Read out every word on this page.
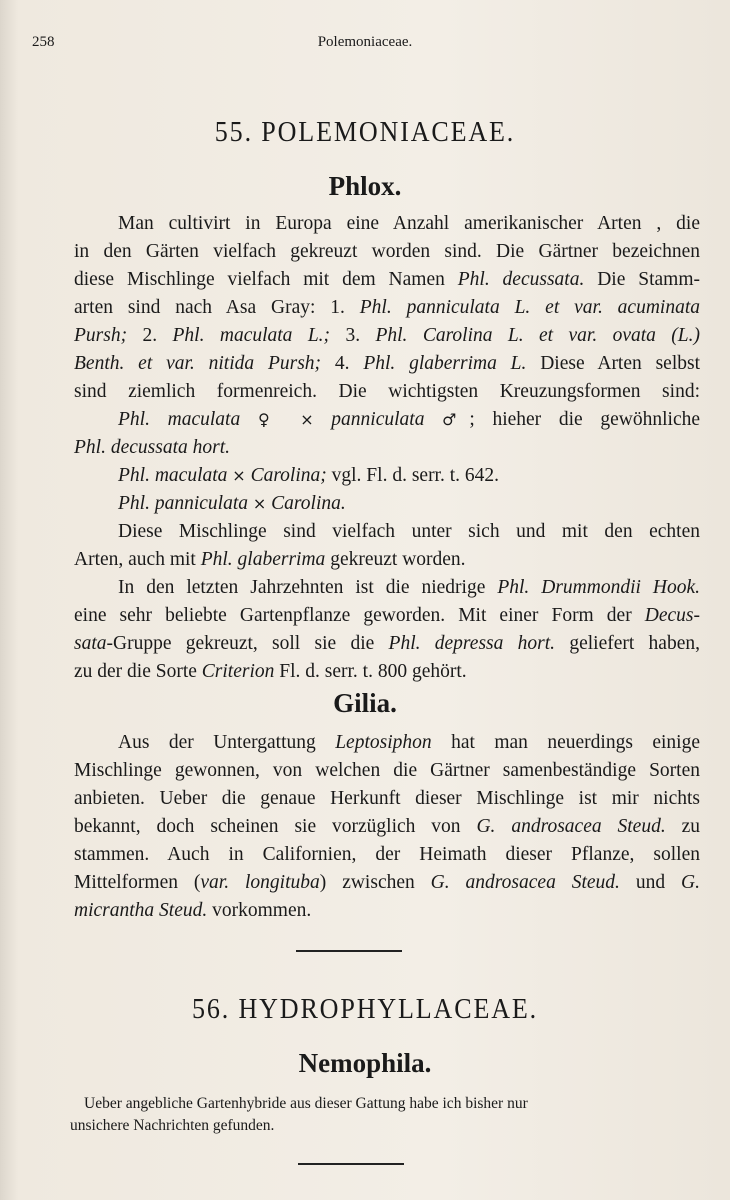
258	Polemoniaceae.
55. POLEMONIACEAE.
Phlox.
Man cultivirt in Europa eine Anzahl amerikanischer Arten , die
in den Gärten vielfach gekreuzt worden sind. Die Gärtner bezeichnen
diese Mischlinge vielfach mit dem Namen Phl. decussata. Die Stamm-
arten sind nach Asa Gray: 1. Phl. panniculata L. et var. acuminata
Pursh; 2. Phl. maculata L.; 3. Phl. Carolina L. et var. ovata (L.)
Benth. et var. nitida Pursh; 4. Phl. glaberrima L. Diese Arten selbst
sind ziemlich formenreich. Die wichtigsten Kreuzungsformen sind:
Phl. maculata ♀ × panniculata ♂; hieher die gewöhnliche
Phl. decussata hort.
Phl. maculata × Carolina; vgl. Fl. d. serr. t. 642.
Phl. panniculata × Carolina.
Diese Mischlinge sind vielfach unter sich und mit den echten
Arten, auch mit Phl. glaberrima gekreuzt worden.
In den letzten Jahrzehnten ist die niedrige Phl. Drummondii Hook.
eine sehr beliebte Gartenpflanze geworden. Mit einer Form der Decus-
sata-Gruppe gekreuzt, soll sie die Phl. depressa hort. geliefert haben,
zu der die Sorte Criterion Fl. d. serr. t. 800 gehört.
Gilia.
Aus der Untergattung Leptosiphon hat man neuerdings einige
Mischlinge gewonnen, von welchen die Gärtner samenbeständige Sorten
anbieten. Ueber die genaue Herkunft dieser Mischlinge ist mir nichts
bekannt, doch scheinen sie vorzüglich von G. androsacea Steud. zu
stammen. Auch in Californien, der Heimath dieser Pflanze, sollen
Mittelformen (var. longituba) zwischen G. androsacea Steud. und G.
micrantha Steud. vorkommen.
56. HYDROPHYLLACEAE.
Nemophila.
Ueber angebliche Gartenhybride aus dieser Gattung habe ich bisher nur
unsichere Nachrichten gefunden.
